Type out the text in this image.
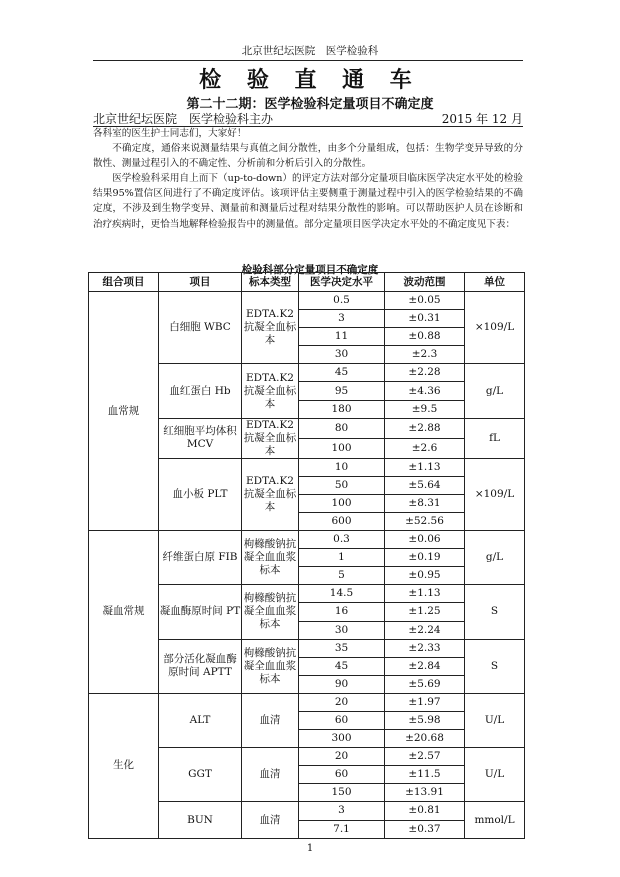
北京世纪坛医院　医学检验科
检 验 直 通 车
第二十二期：医学检验科定量项目不确定度
北京世纪坛医院　医学检验科主办	2015 年 12 月

各科室的医生护士同志们，大家好！

不确定度，通俗来说测量结果与真值之间分散性，由多个分量组成，包括：生物学变异导致的分散性、测量过程引入的不确定性、分析前和分析后引入的分散性。

医学检验科采用自上而下（up-to-down）的评定方法对部分定量项目临床医学决定水平处的检验结果95%置信区间进行了不确定度评估。该项评估主要侧重于测量过程中引入的医学检验结果的不确定度，不涉及到生物学变异、测量前和测量后过程对结果分散性的影响。可以帮助医护人员在诊断和治疗疾病时，更恰当地解释检验报告中的测量值。部分定量项目医学决定水平处的不确定度见下表：

检验科部分定量项目不确定度
组合项目	项目	标本类型	医学决定水平	波动范围	单位
血常规	白细胞 WBC	EDTA.K2 抗凝全血标本	0.5	±0.05	×109/L
			3	±0.31	
			11	±0.88	
			30	±2.3	
	血红蛋白 Hb	EDTA.K2 抗凝全血标本	45	±2.28	g/L
			95	±4.36	
			180	±9.5	
	红细胞平均体积 MCV	EDTA.K2 抗凝全血标本	80	±2.88	fL
			100	±2.6	
	血小板 PLT	EDTA.K2 抗凝全血标本	10	±1.13	×109/L
			50	±5.64	
			100	±8.31	
			600	±52.56	
凝血常规	纤维蛋白原 FIB	枸橼酸钠抗凝全血血浆标本	0.3	±0.06	g/L
			1	±0.19	
			5	±0.95	
	凝血酶原时间 PT	枸橼酸钠抗凝全血血浆标本	14.5	±1.13	S
			16	±1.25	
			30	±2.24	
	部分活化凝血酶原时间 APTT	枸橼酸钠抗凝全血血浆标本	35	±2.33	S
			45	±2.84	
			90	±5.69	
生化	ALT	血清	20	±1.97	U/L
			60	±5.98	
			300	±20.68	
	GGT	血清	20	±2.57	U/L
			60	±11.5	
			150	±13.91	
	BUN	血清	3	±0.81	mmol/L
			7.1	±0.37	
1
